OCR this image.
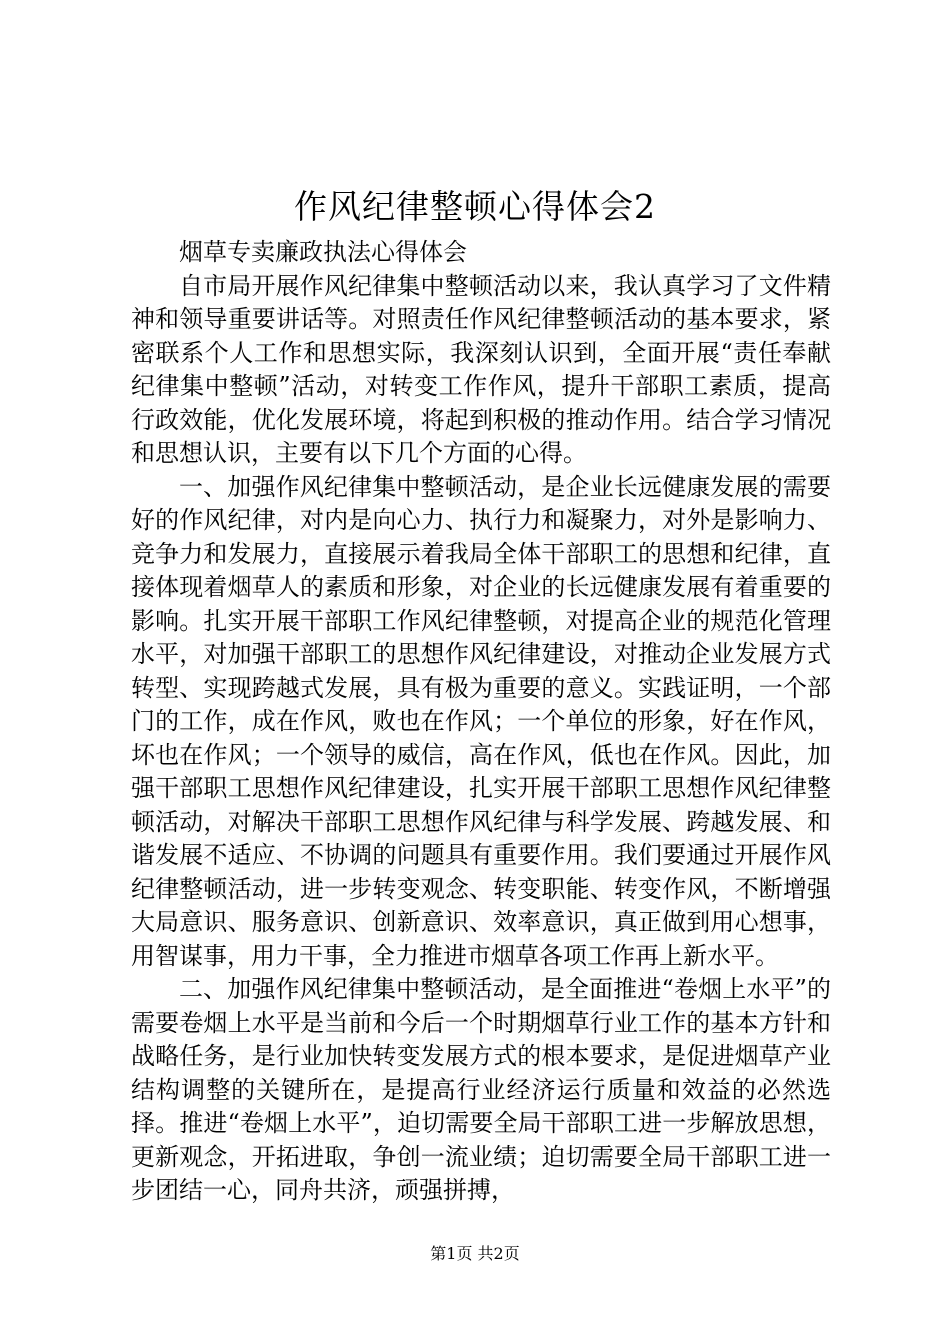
作风纪律整顿心得体会2

烟草专卖廉政执法心得体会

自市局开展作风纪律集中整顿活动以来，我认真学习了文件精神和领导重要讲话等。对照责任作风纪律整顿活动的基本要求，紧密联系个人工作和思想实际，我深刻认识到，全面开展“责任奉献纪律集中整顿”活动，对转变工作作风，提升干部职工素质，提高行政效能，优化发展环境，将起到积极的推动作用。结合学习情况和思想认识，主要有以下几个方面的心得。

一、加强作风纪律集中整顿活动，是企业长远健康发展的需要好的作风纪律，对内是向心力、执行力和凝聚力，对外是影响力、竞争力和发展力，直接展示着我局全体干部职工的思想和纪律，直接体现着烟草人的素质和形象，对企业的长远健康发展有着重要的影响。扎实开展干部职工作风纪律整顿，对提高企业的规范化管理水平，对加强干部职工的思想作风纪律建设，对推动企业发展方式转型、实现跨越式发展，具有极为重要的意义。实践证明，一个部门的工作，成在作风，败也在作风；一个单位的形象，好在作风，坏也在作风；一个领导的威信，高在作风，低也在作风。因此，加强干部职工思想作风纪律建设，扎实开展干部职工思想作风纪律整顿活动，对解决干部职工思想作风纪律与科学发展、跨越发展、和谐发展不适应、不协调的问题具有重要作用。我们要通过开展作风纪律整顿活动，进一步转变观念、转变职能、转变作风，不断增强大局意识、服务意识、创新意识、效率意识，真正做到用心想事，用智谋事，用力干事，全力推进市烟草各项工作再上新水平。

二、加强作风纪律集中整顿活动，是全面推进“卷烟上水平”的需要卷烟上水平是当前和今后一个时期烟草行业工作的基本方针和战略任务，是行业加快转变发展方式的根本要求，是促进烟草产业结构调整的关键所在，是提高行业经济运行质量和效益的必然选择。推进“卷烟上水平”，迫切需要全局干部职工进一步解放思想，更新观念，开拓进取，争创一流业绩；迫切需要全局干部职工进一步团结一心，同舟共济，顽强拼搏，

第1页 共2页
